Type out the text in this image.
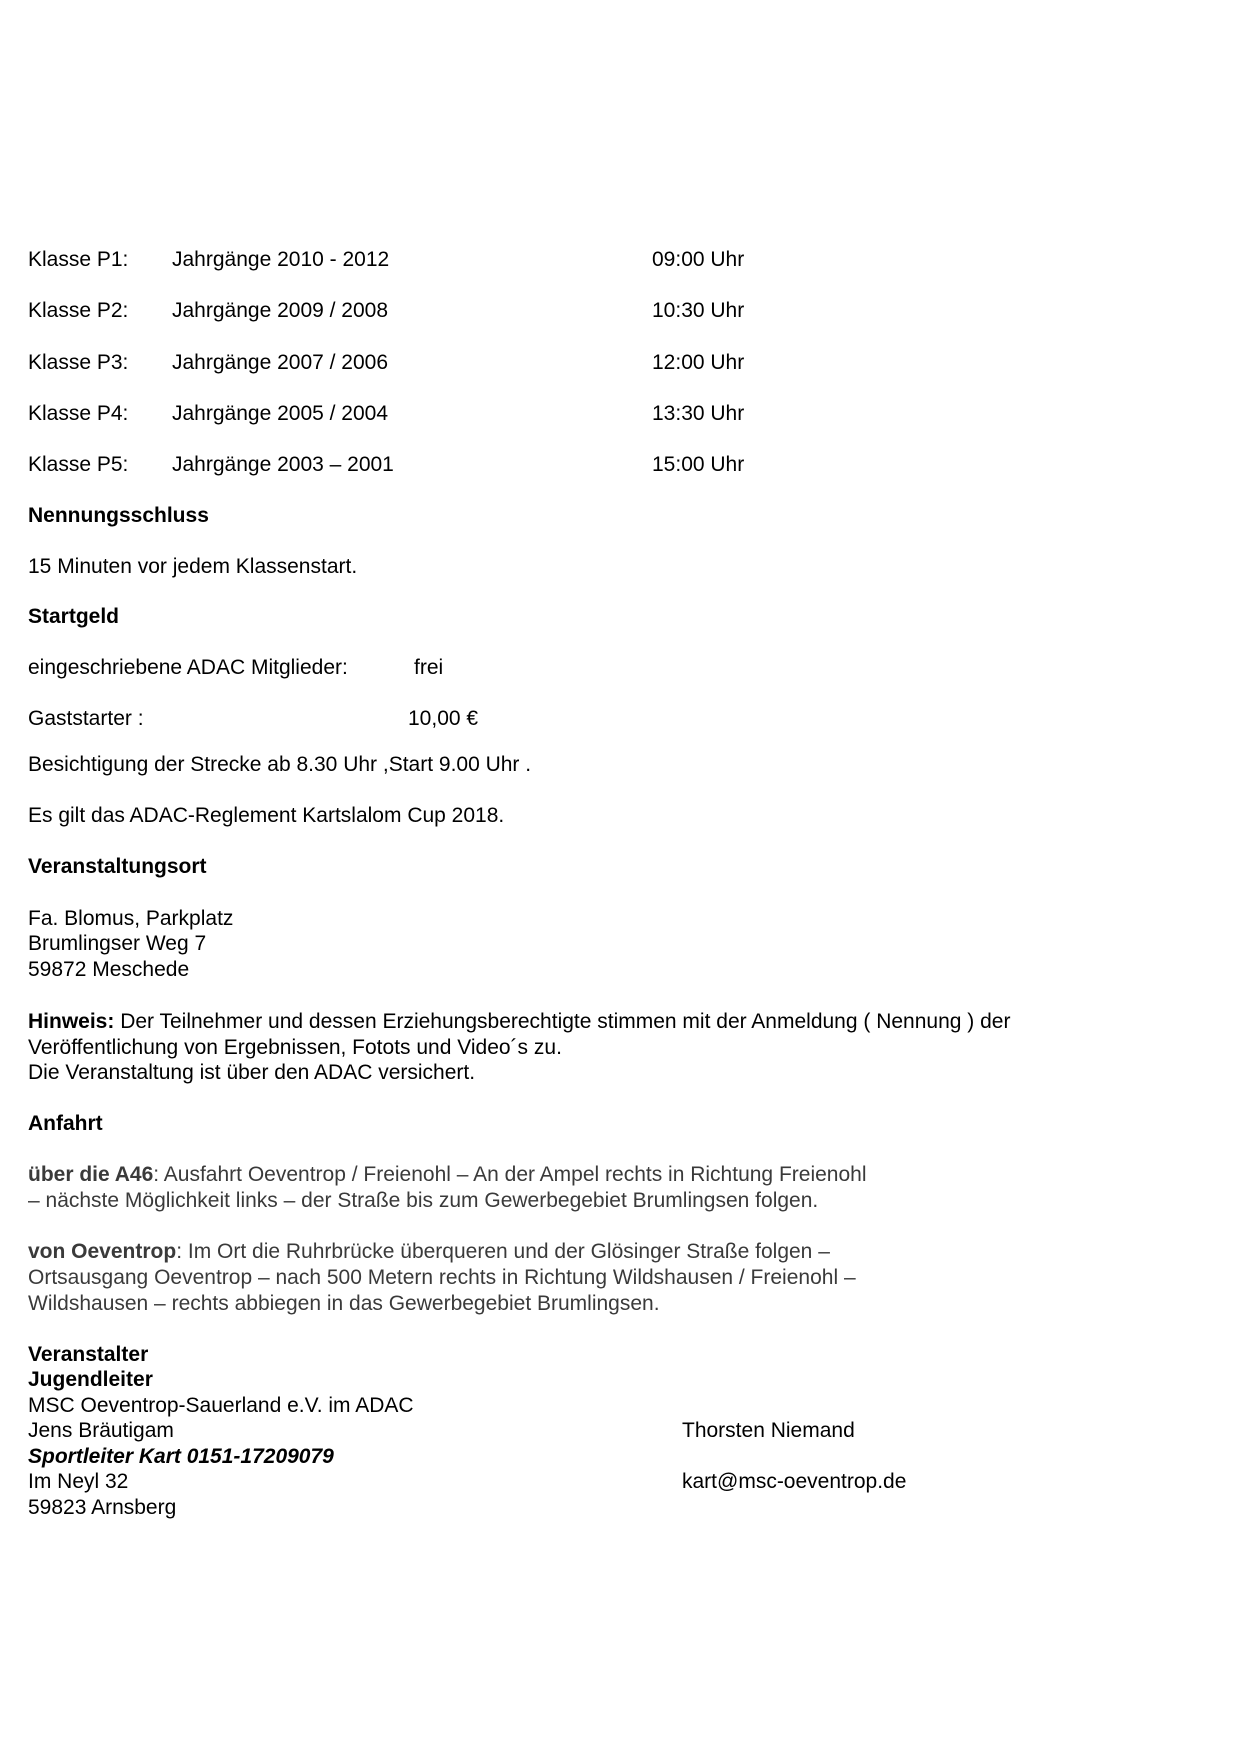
Klasse P1: Jahrgänge 2010 - 2012	09:00 Uhr

Klasse P2: Jahrgänge 2009 / 2008	10:30 Uhr

Klasse P3: Jahrgänge 2007 / 2006	12:00 Uhr

Klasse P4: Jahrgänge 2005 / 2004	13:30 Uhr

Klasse P5: Jahrgänge 2003 – 2001	15:00 Uhr

Nennungsschluss

15 Minuten vor jedem Klassenstart.

Startgeld

eingeschriebene ADAC Mitglieder:	frei

Gaststarter :	10,00 €

Besichtigung der Strecke ab 8.30 Uhr ,Start 9.00 Uhr .

Es gilt das ADAC-Reglement Kartslalom Cup 2018.

Veranstaltungsort

Fa. Blomus, Parkplatz

Brumlingser Weg 7

59872 Meschede

Hinweis: Der Teilnehmer und dessen Erziehungsberechtigte stimmen mit der Anmeldung ( Nennung ) der

Veröffentlichung von Ergebnissen, Fotots und Video´s zu.

Die Veranstaltung ist über den ADAC versichert.

Anfahrt

über die A46: Ausfahrt Oeventrop / Freienohl – An der Ampel rechts in Richtung Freienohl

– nächste Möglichkeit links – der Straße bis zum Gewerbegebiet Brumlingsen folgen.

von Oeventrop: Im Ort die Ruhrbrücke überqueren und der Glösinger Straße folgen –

Ortsausgang Oeventrop – nach 500 Metern rechts in Richtung Wildshausen / Freienohl –

Wildshausen – rechts abbiegen in das Gewerbegebiet Brumlingsen.

Veranstalter

Jugendleiter

MSC Oeventrop-Sauerland e.V. im ADAC

Jens Bräutigam	Thorsten Niemand

Sportleiter Kart 0151-17209079

Im Neyl 32	kart@msc-oeventrop.de

59823 Arnsberg
